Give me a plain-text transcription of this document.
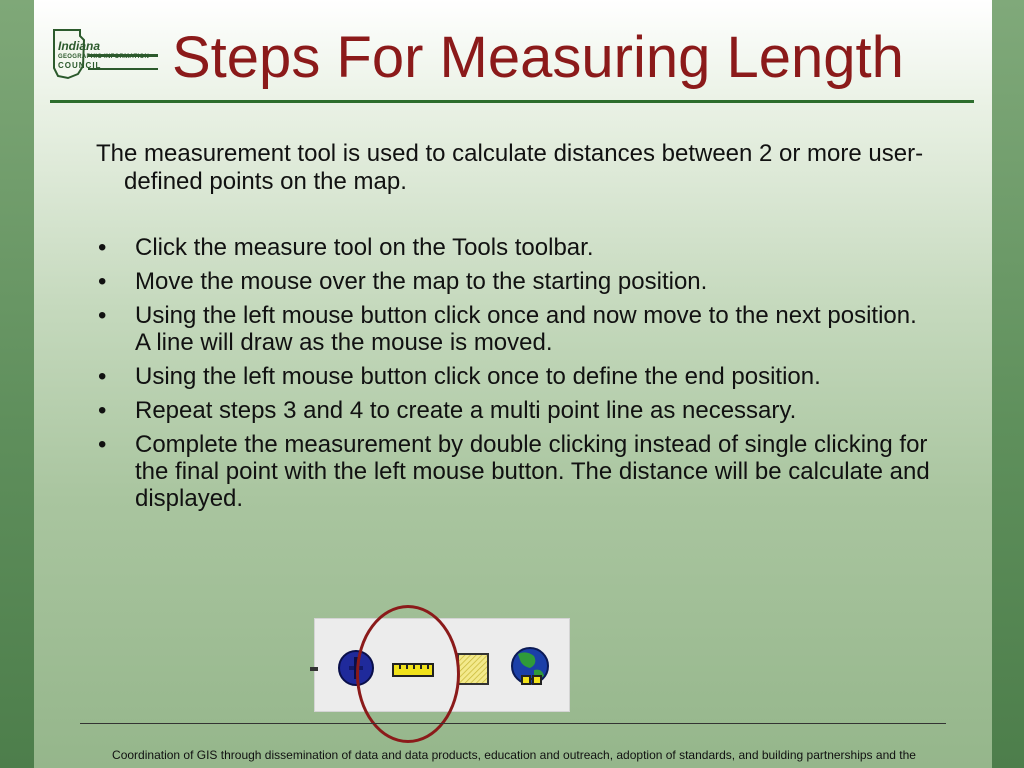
Indiana
GEOGRAPHIC INFORMATION
COUNCIL	Steps For Measuring Length

The measurement tool is used to calculate distances between 2 or more user-defined points on the map.

• Click the measure tool on the Tools toolbar.
• Move the mouse over the map to the starting position.
• Using the left mouse button click once and now move to the next position. A line will draw as the mouse is moved.
• Using the left mouse button click once to define the end position.
• Repeat steps 3 and 4 to create a multi point line as necessary.
• Complete the measurement by double clicking instead of single clicking for the final point with the left mouse button. The distance will be calculate and displayed.
Coordination of GIS through dissemination of data and data products, education and outreach, adoption of standards, and building partnerships and the
